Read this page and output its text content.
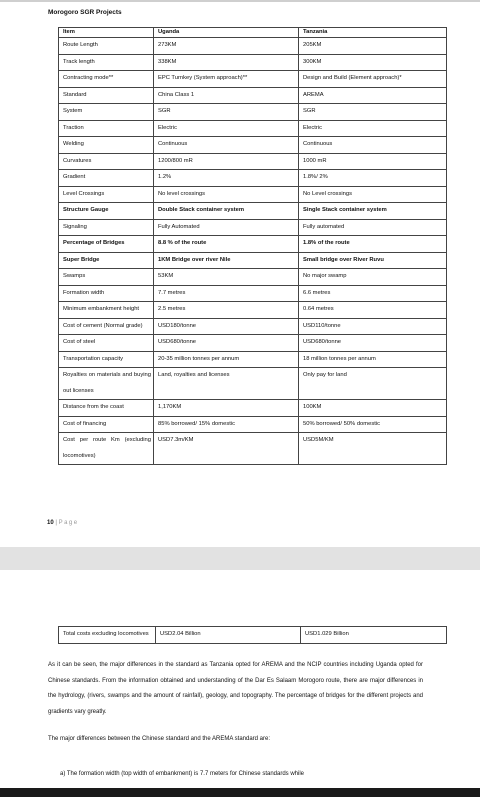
Morogoro SGR Projects
Item	Uganda	Tanzania
Route Length	273KM	205KM
Track length	338KM	300KM
Contracting mode**	EPC Turnkey (System approach)**	Design and Build (Element approach)*
Standard	China Class 1	AREMA
System	SGR	SGR
Traction	Electric	Electric
Welding	Continuous	Continuous
Curvatures	1200/800 mR	1000 mR
Gradient	1.2%	1.8%/ 2%
Level Crossings	No level crossings	No Level crossings
Structure Gauge	Double Stack container system	Single Stack container system
Signaling	Fully Automated	Fully automated
Percentage of Bridges	8.8 % of the route	1.8% of the route
Super Bridge	1KM Bridge over river Nile	Small bridge over River Ruvu
Swamps	53KM	No major swamp
Formation width	7.7 metres	6.6 metres
Minimum embankment height	2.5 metres	0.64 metres
Cost of cement (Normal grade)	USD180/tonne	USD110/tonne
Cost of steel	USD680/tonne	USD680/tonne
Transportation capacity	20-35 million tonnes per annum	18 million tonnes per annum
Royalties on materials and buying out licenses	Land, royalties and licenses	Only pay for land
Distance from the coast	1,170KM	100KM
Cost of financing	85% borrowed/ 15% domestic	50% borrowed/ 50% domestic
Cost per route Km (excluding locomotives)	USD7.3m/KM	USD5M/KM
10 | Page
Total costs excluding locomotives	USD2.04 Billion	USD1.029 Billion
As it can be seen, the major differences in the standard as Tanzania opted for AREMA and the NCIP countries including Uganda opted for Chinese standards. From the information obtained and understanding of the Dar Es Salaam Morogoro route, there are major differences in the hydrology, (rivers, swamps and the amount of rainfall), geology, and topography. The percentage of bridges for the different projects and gradients vary greatly.
The major differences between the Chinese standard and the AREMA standard are:
a) The formation width (top width of embankment) is 7.7 meters for Chinese standards while
